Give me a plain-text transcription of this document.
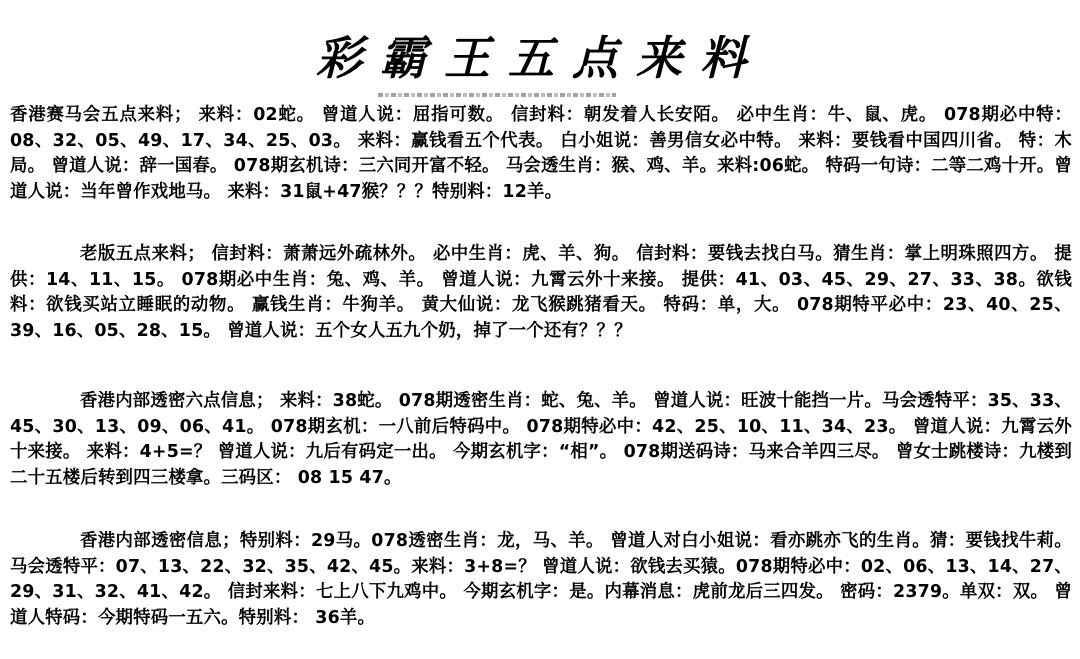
彩霸王五点来料
香港赛马会五点来料； 来料：02蛇。 曾道人说：屈指可数。 信封料：朝发着人长安陌。 必中生肖：牛、鼠、虎。 078期必中特：08、32、05、49、17、34、25、03。 来料：赢钱看五个代表。 白小姐说：善男信女必中特。 来料：要钱看中国四川省。 特：木局。 曾道人说：辞一国春。 078期玄机诗：三六同开富不轻。 马会透生肖：猴、鸡、羊。来料:06蛇。 特码一句诗：二等二鸡十开。曾道人说：当年曾作戏地马。 来料：31鼠+47猴？？？特别料：12羊。
老版五点来料； 信封料：萧萧远外疏林外。 必中生肖：虎、羊、狗。 信封料：要钱去找白马。猜生肖：掌上明珠照四方。 提供：14、11、15。 078期必中生肖：兔、鸡、羊。 曾道人说：九霄云外十来接。 提供：41、03、45、29、27、33、38。欲钱料：欲钱买站立睡眠的动物。 赢钱生肖：牛狗羊。 黄大仙说：龙飞猴跳猪看天。 特码：单，大。 078期特平必中：23、40、25、39、16、05、28、15。 曾道人说：五个女人五九个奶，掉了一个还有？？？
香港内部透密六点信息； 来料：38蛇。 078期透密生肖：蛇、兔、羊。 曾道人说：旺波十能挡一片。马会透特平：35、33、45、30、13、09、06、41。 078期玄机：一八前后特码中。 078期特必中：42、25、10、11、34、23。 曾道人说：九霄云外十来接。 来料：4+5=？ 曾道人说：九后有码定一出。 今期玄机字：“相”。 078期送码诗：马来合羊四三尽。 曾女士跳楼诗：九楼到二十五楼后转到四三楼拿。三码区： 08 15 47。
香港内部透密信息；特别料：29马。078透密生肖：龙，马、羊。 曾道人对白小姐说：看亦跳亦飞的生肖。猜：要钱找牛莉。马会透特平：07、13、22、32、35、42、45。来料：3+8=？ 曾道人说：欲钱去买猿。078期特必中：02、06、13、14、27、29、31、32、41、42。 信封来料：七上八下九鸡中。 今期玄机字：是。内幕消息：虎前龙后三四发。 密码：2379。单双：双。 曾道人特码：今期特码一五六。特别料： 36羊。
